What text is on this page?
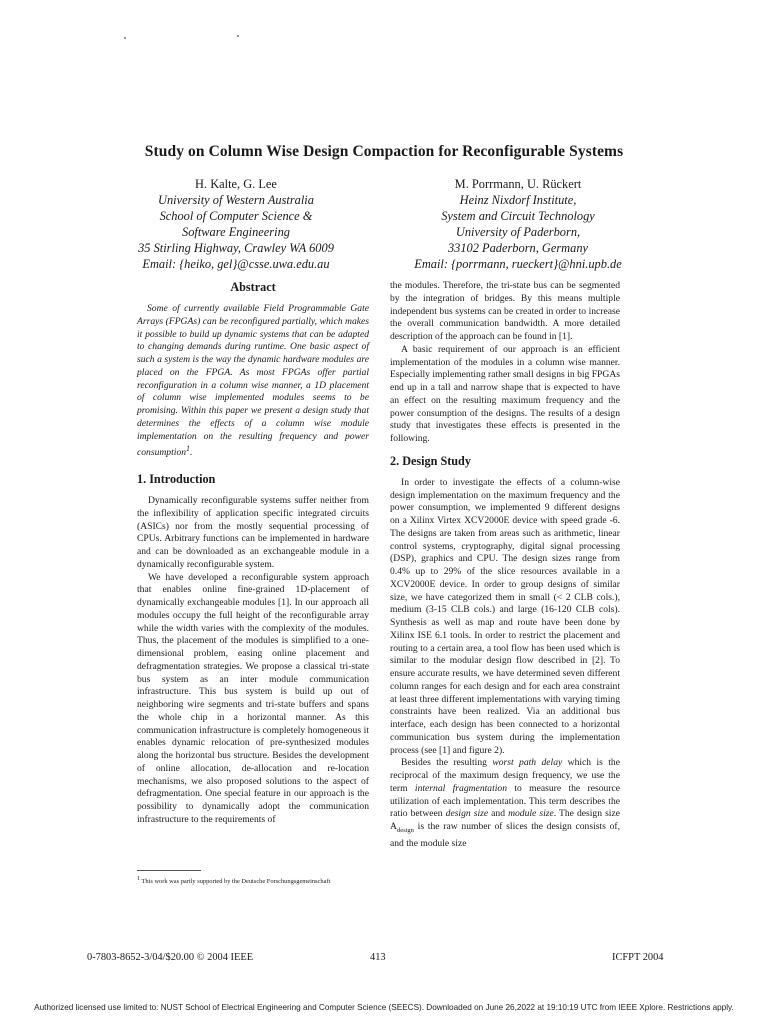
Study on Column Wise Design Compaction for Reconfigurable Systems
H. Kalte, G. Lee
University of Western Australia
School of Computer Science &
Software Engineering
35 Stirling Highway, Crawley WA 6009
Email: {heiko, gel}@csse.uwa.edu.au
M. Porrmann, U. Rückert
Heinz Nixdorf Institute,
System and Circuit Technology
University of Paderborn,
33102 Paderborn, Germany
Email: {porrmann, rueckert}@hni.upb.de
Abstract

Some of currently available Field Programmable Gate Arrays (FPGAs) can be reconfigured partially, which makes it possible to build up dynamic systems that can be adapted to changing demands during runtime. One basic aspect of such a system is the way the dynamic hardware modules are placed on the FPGA. As most FPGAs offer partial reconfiguration in a column wise manner, a 1D placement of column wise implemented modules seems to be promising. Within this paper we present a design study that determines the effects of a column wise module implementation on the resulting frequency and power consumption$^1$.

1. Introduction

Dynamically reconfigurable systems suffer neither from the inflexibility of application specific integrated circuits (ASICs) nor from the mostly sequential processing of CPUs. Arbitrary functions can be implemented in hardware and can be downloaded as an exchangeable module in a dynamically reconfigurable system.

We have developed a reconfigurable system approach that enables online fine-grained 1D-placement of dynamically exchangeable modules [1]. In our approach all modules occupy the full height of the reconfigurable array while the width varies with the complexity of the modules. Thus, the placement of the modules is simplified to a one-dimensional problem, easing online placement and defragmentation strategies. We propose a classical tri-state bus system as an inter module communication infrastructure. This bus system is build up out of neighboring wire segments and tri-state buffers and spans the whole chip in a horizontal manner. As this communication infrastructure is completely homogeneous it enables dynamic relocation of pre-synthesized modules along the horizontal bus structure. Besides the development of online allocation, de-allocation and re-location mechanisms, we also proposed solutions to the aspect of defragmentation. One special feature in our approach is the possibility to dynamically adopt the communication infrastructure to the requirements of

the modules. Therefore, the tri-state bus can be segmented by the integration of bridges. By this means multiple independent bus systems can be created in order to increase the overall communication bandwidth. A more detailed description of the approach can be found in [1].

A basic requirement of our approach is an efficient implementation of the modules in a column wise manner. Especially implementing rather small designs in big FPGAs end up in a tall and narrow shape that is expected to have an effect on the resulting maximum frequency and the power consumption of the designs. The results of a design study that investigates these effects is presented in the following.

2. Design Study

In order to investigate the effects of a column-wise design implementation on the maximum frequency and the power consumption, we implemented 9 different designs on a Xilinx Virtex XCV2000E device with speed grade -6. The designs are taken from areas such as arithmetic, linear control systems, cryptography, digital signal processing (DSP), graphics and CPU. The design sizes range from 0.4% up to 29% of the slice resources available in a XCV2000E device. In order to group designs of similar size, we have categorized them in small (< 2 CLB cols.), medium (3-15 CLB cols.) and large (16-120 CLB cols). Synthesis as well as map and route have been done by Xilinx ISE 6.1 tools. In order to restrict the placement and routing to a certain area, a tool flow has been used which is similar to the modular design flow described in [2]. To ensure accurate results, we have determined seven different column ranges for each design and for each area constraint at least three different implementations with varying timing constraints have been realized. Via an additional bus interface, each design has been connected to a horizontal communication bus system during the implementation process (see [1] and figure 2).

Besides the resulting worst path delay which is the reciprocal of the maximum design frequency, we use the term internal fragmentation to measure the resource utilization of each implementation. This term describes the ratio between design size and module size. The design size $A_{design}$ is the raw number of slices the design consists of, and the module size

$^1$ This work was partly supported by the Deutsche Forschungsgemeinschaft
0-7803-8652-3/04/$20.00 © 2004 IEEE	413	ICFPT 2004
Authorized licensed use limited to: NUST School of Electrical Engineering and Computer Science (SEECS). Downloaded on June 26,2022 at 19:10:19 UTC from IEEE Xplore. Restrictions apply.
